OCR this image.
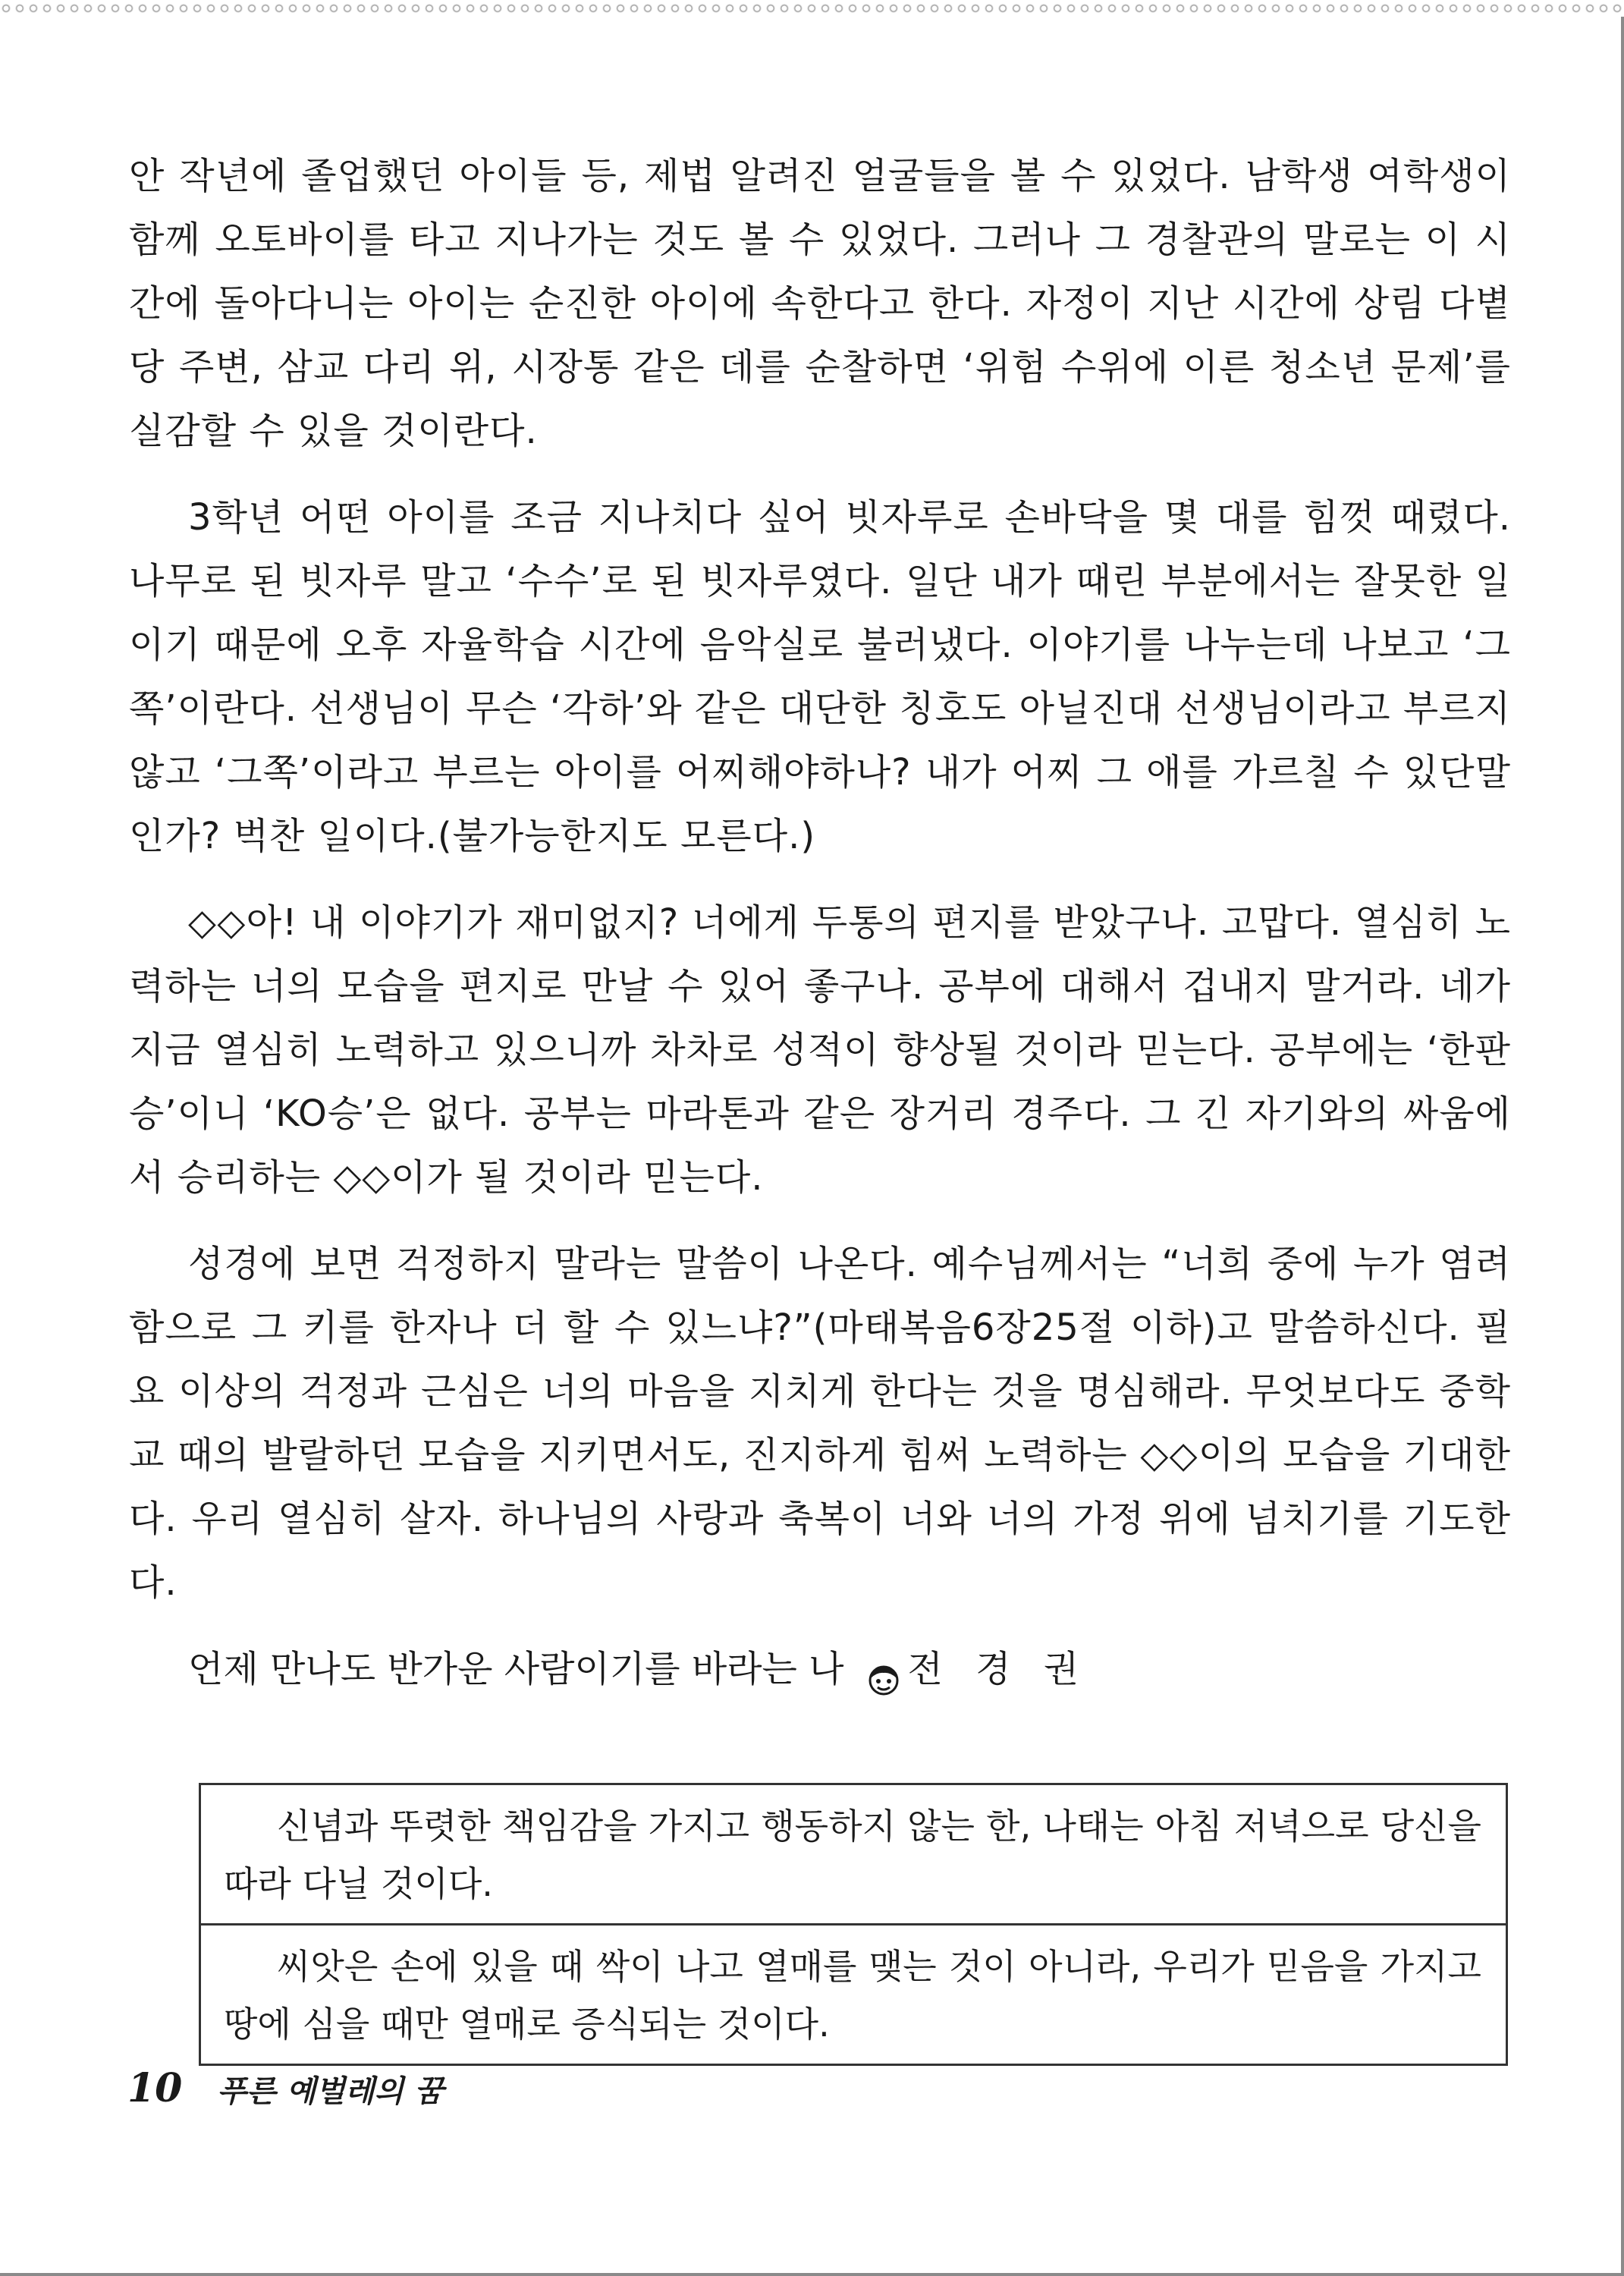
안 작년에 졸업했던 아이들 등, 제법 알려진 얼굴들을 볼 수 있었다. 남학생 여학생이 함께 오토바이를 타고 지나가는 것도 볼 수 있었다. 그러나 그 경찰관의 말로는 이 시간에 돌아다니는 아이는 순진한 아이에 속한다고 한다. 자정이 지난 시간에 상림 다볕당 주변, 삼교 다리 위, 시장통 같은 데를 순찰하면 ‘위험 수위에 이른 청소년 문제’를 실감할 수 있을 것이란다.

3학년 어떤 아이를 조금 지나치다 싶어 빗자루로 손바닥을 몇 대를 힘껏 때렸다. 나무로 된 빗자루 말고 ‘수수’로 된 빗자루였다. 일단 내가 때린 부분에서는 잘못한 일이기 때문에 오후 자율학습 시간에 음악실로 불러냈다. 이야기를 나누는데 나보고 ‘그쪽’이란다. 선생님이 무슨 ‘각하’와 같은 대단한 칭호도 아닐진대 선생님이라고 부르지 않고 ‘그쪽’이라고 부르는 아이를 어찌해야하나? 내가 어찌 그 애를 가르칠 수 있단말인가? 벅찬 일이다.(불가능한지도 모른다.)

◇◇아! 내 이야기가 재미없지? 너에게 두통의 편지를 받았구나. 고맙다. 열심히 노력하는 너의 모습을 편지로 만날 수 있어 좋구나. 공부에 대해서 겁내지 말거라. 네가 지금 열심히 노력하고 있으니까 차차로 성적이 향상될 것이라 믿는다. 공부에는 ‘한판승’이니 ‘KO승’은 없다. 공부는 마라톤과 같은 장거리 경주다. 그 긴 자기와의 싸움에서 승리하는 ◇◇이가 될 것이라 믿는다.

성경에 보면 걱정하지 말라는 말씀이 나온다. 예수님께서는 “너희 중에 누가 염려함으로 그 키를 한자나 더 할 수 있느냐?”(마태복음6장25절 이하)고 말씀하신다. 필요 이상의 걱정과 근심은 너의 마음을 지치게 한다는 것을 명심해라. 무엇보다도 중학교 때의 발랄하던 모습을 지키면서도, 진지하게 힘써 노력하는 ◇◇이의 모습을 기대한다. 우리 열심히 살자. 하나님의 사랑과 축복이 너와 너의 가정 위에 넘치기를 기도한다.

언제 만나도 반가운 사람이기를 바라는 나 전 경 권

신념과 뚜렷한 책임감을 가지고 행동하지 않는 한, 나태는 아침 저녁으로 당신을 따라 다닐 것이다.

씨앗은 손에 있을 때 싹이 나고 열매를 맺는 것이 아니라, 우리가 믿음을 가지고 땅에 심을 때만 열매로 증식되는 것이다.

10 푸른 예벌레의 꿈
